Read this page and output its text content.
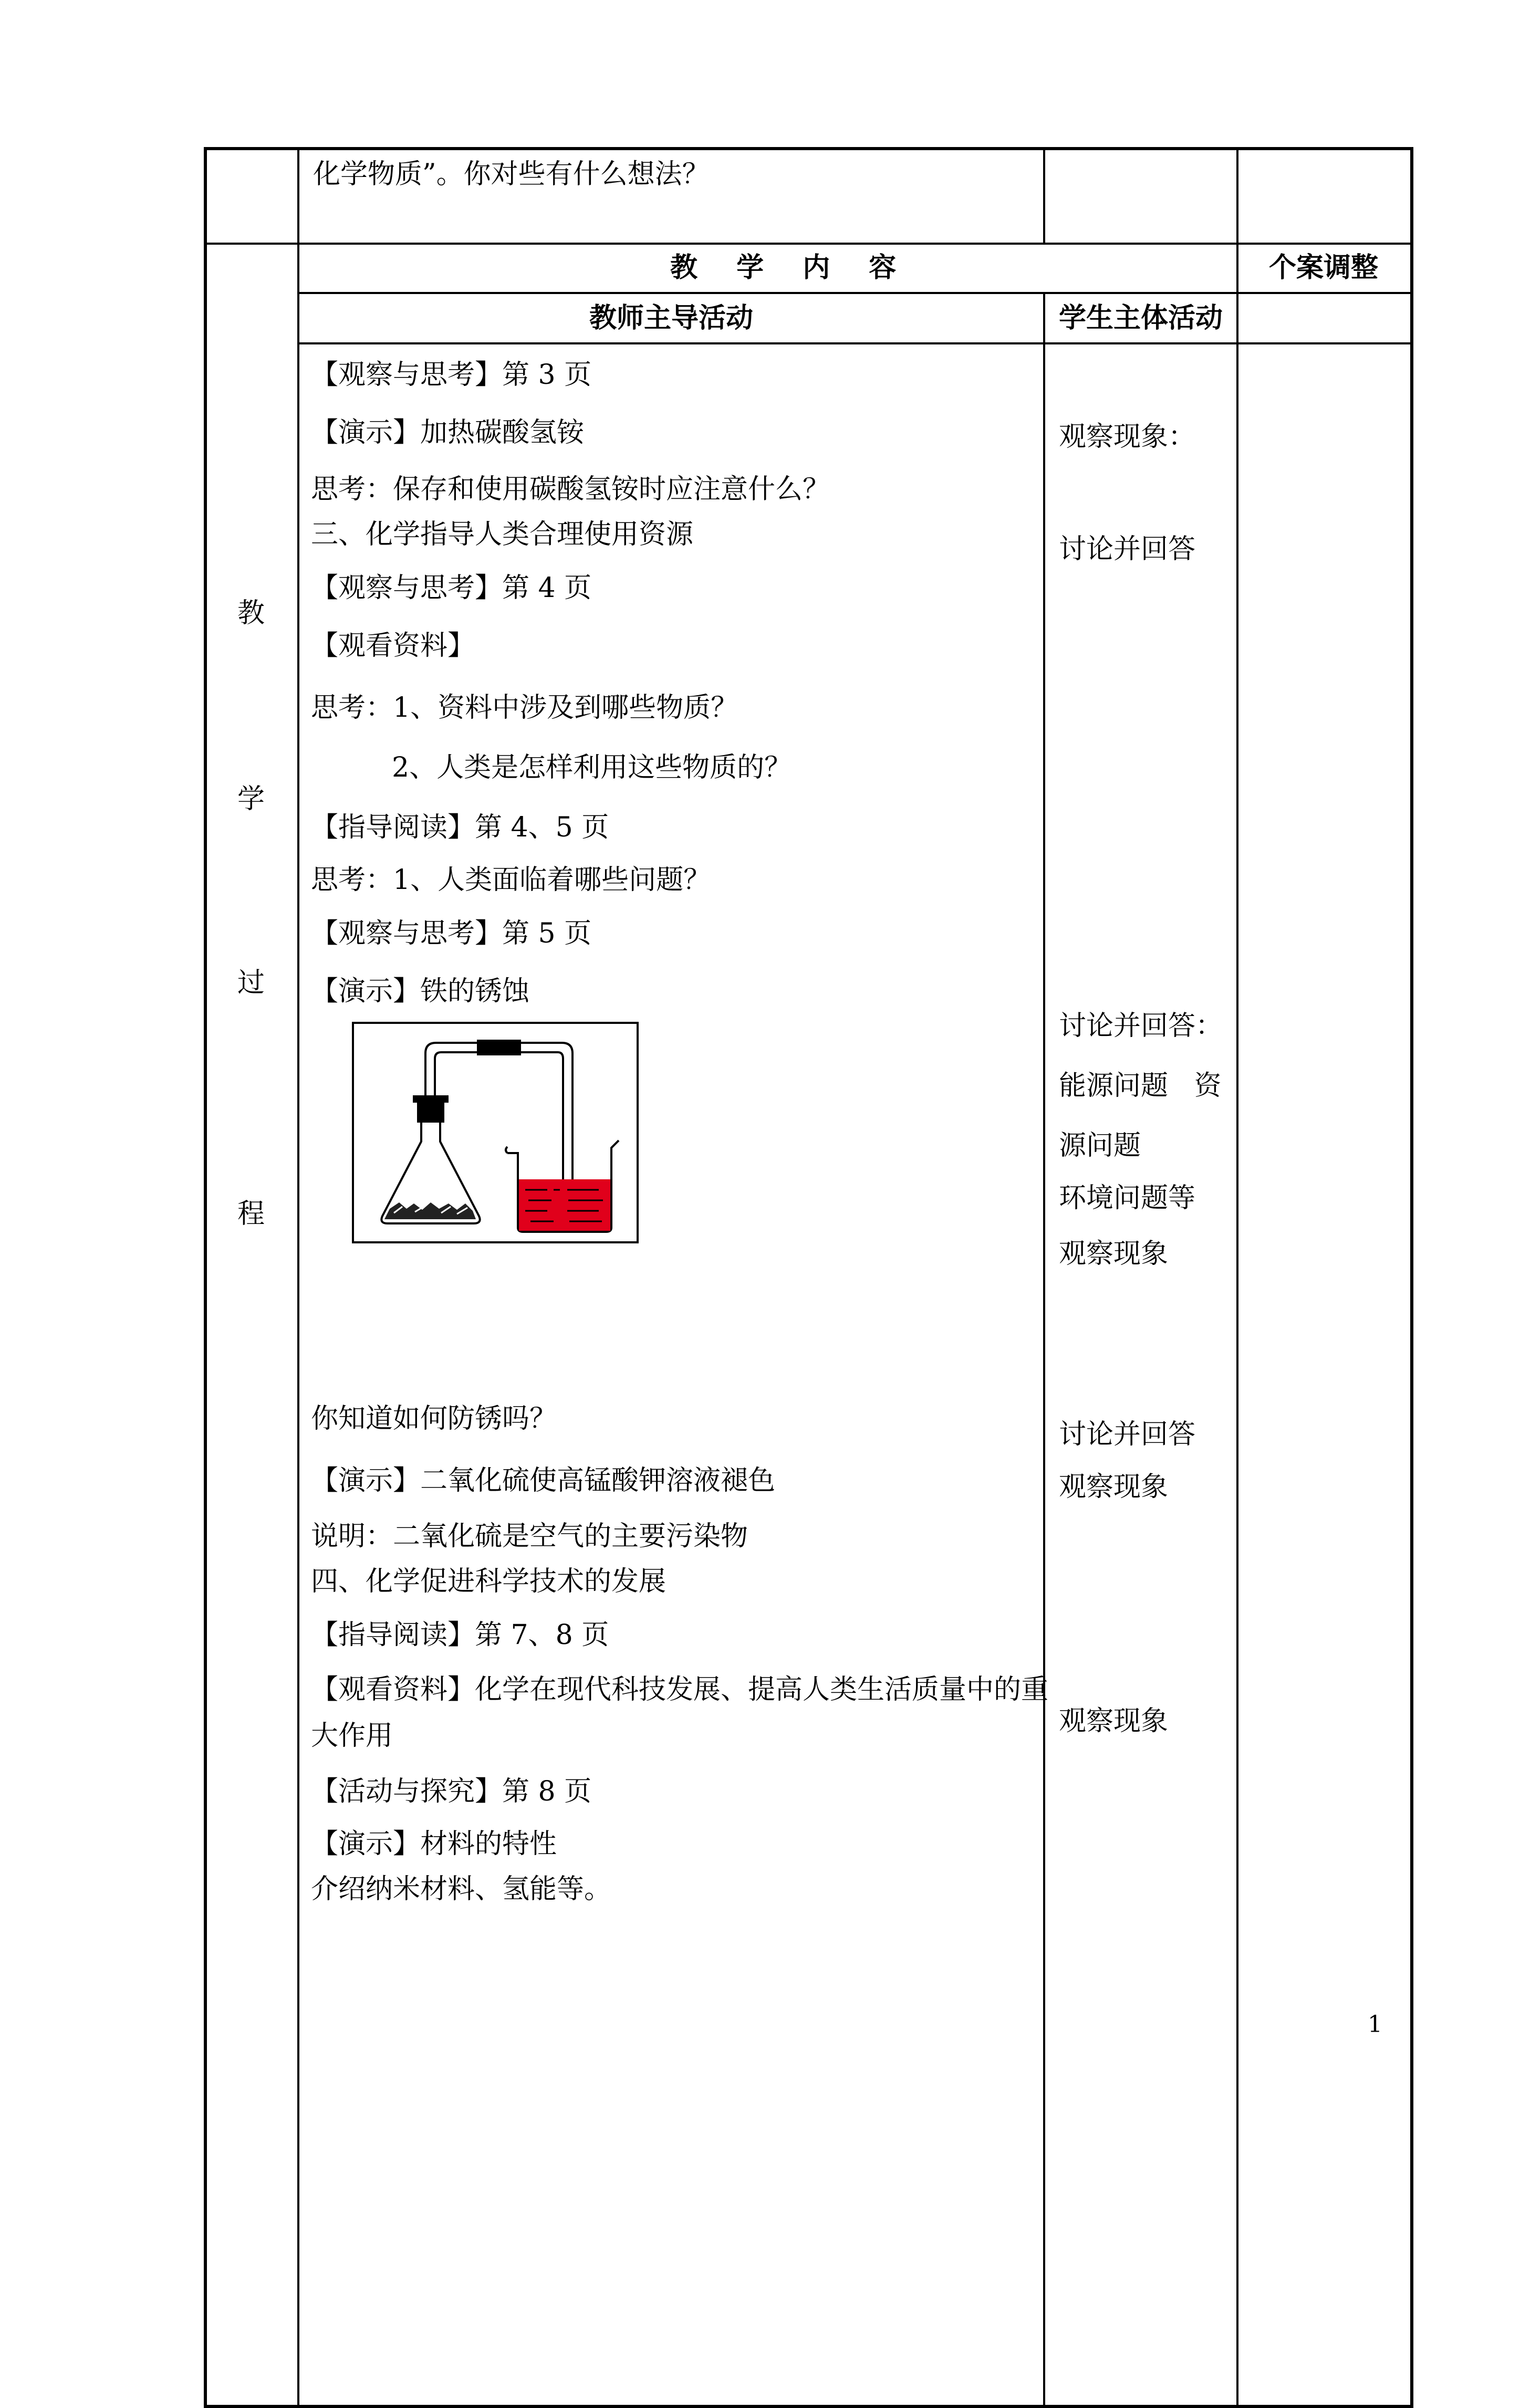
化学物质”。你对些有什么想法？
教 学 内 容	个案调整
教师主导活动	学生主体活动
教
学
过
程
【观察与思考】第 3 页
【演示】加热碳酸氢铵
思考：保存和使用碳酸氢铵时应注意什么？
三、化学指导人类合理使用资源
【观察与思考】第 4 页
【观看资料】
思考：1、资料中涉及到哪些物质？
2、人类是怎样利用这些物质的？
【指导阅读】第 4、5 页
思考：1、人类面临着哪些问题？
【观察与思考】第 5 页
【演示】铁的锈蚀
你知道如何防锈吗？
【演示】二氧化硫使高锰酸钾溶液褪色
说明：二氧化硫是空气的主要污染物
四、化学促进科学技术的发展
【指导阅读】第 7、8 页
【观看资料】化学在现代科技发展、提高人类生活质量中的重
大作用
【活动与探究】第 8 页
【演示】材料的特性
介绍纳米材料、氢能等。
观察现象：
讨论并回答
讨论并回答：
能源问题   资
源问题
环境问题等
观察现象
讨论并回答
观察现象
观察现象
1
